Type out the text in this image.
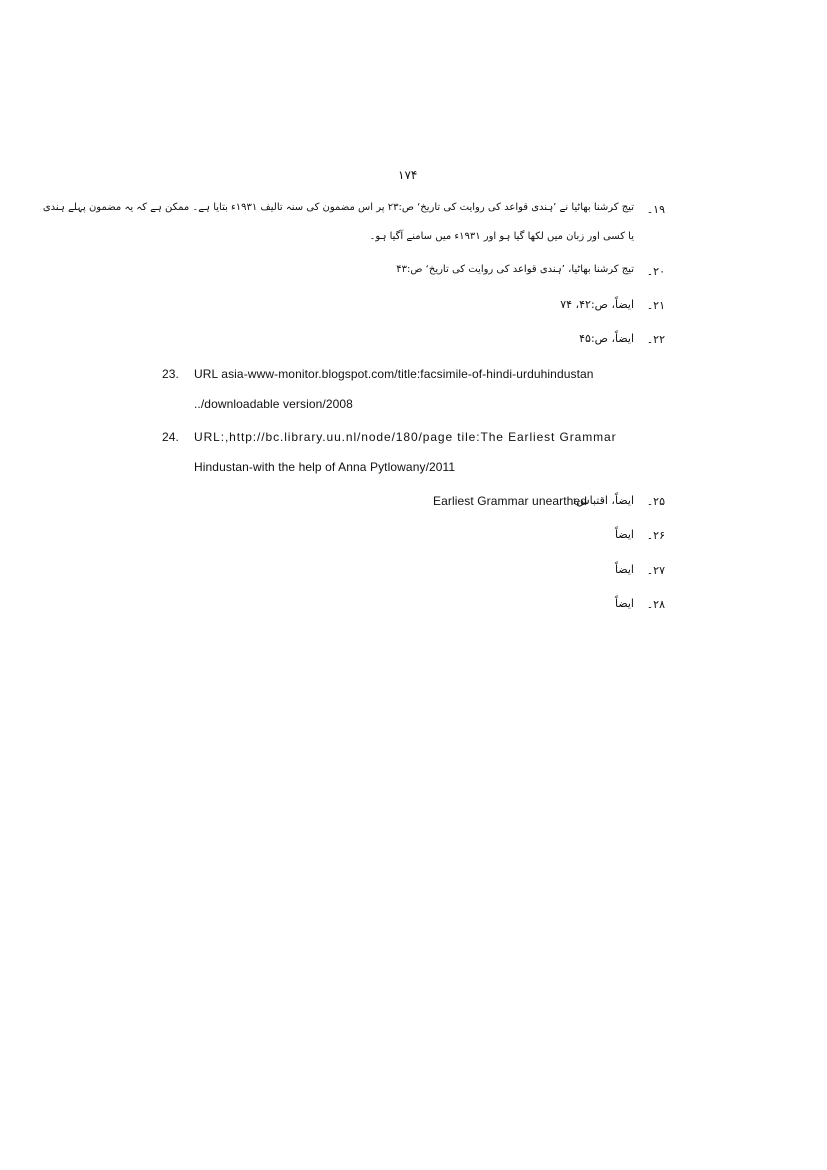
۱۷۴
۱۹۔
تیج کرشنا بھاٹیا نے ’ہندی قواعد کی روایت کی تاریخ‘ ص:۲۳ پر اس مضمون کی سنہ تالیف ۱۹۳۱ء بتایا ہے۔ ممکن ہے کہ یہ مضمون پہلے ہندی
یا کسی اور زبان میں لکھا گیا ہو اور ۱۹۳۱ء میں سامنے آگیا ہو۔
۲۰۔
تیج کرشنا بھاٹیا، ’ہندی قواعد کی روایت کی تاریخ‘ ص:۴۳
۲۱۔
ایضاً، ص:۴۲، ۷۴
۲۲۔
ایضاً، ص:۴۵
23. URL asia-www-monitor.blogspot.com/title:facsimile-of-hindi-urduhindustan
../downloadable version/2008
24. URL:,http://bc.library.uu.nl/node/180/page tile:The Earliest Grammar
Hindustan-with the help of Anna Pytlowany/2011
۲۵۔
ایضاً، اقتباس:
Earliest Grammar unearthed
۲۶۔
ایضاً
۲۷۔
ایضاً
۲۸۔
ایضاً
